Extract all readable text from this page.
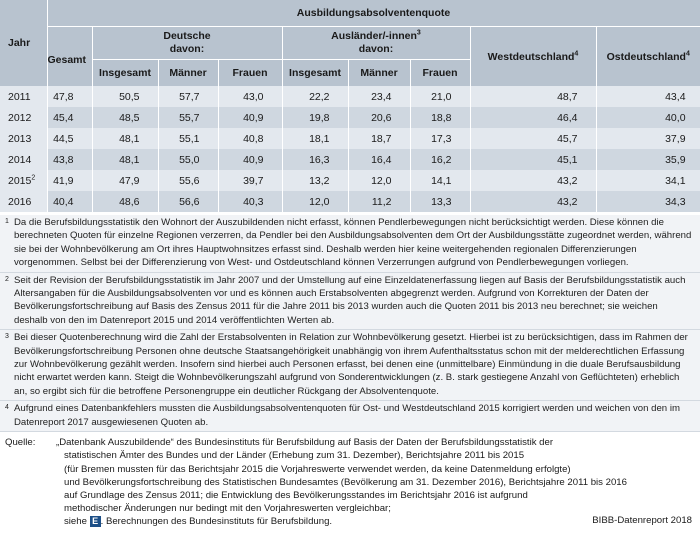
Jahr	Ausbildungsabsolventenquote								
	Gesamt	Deutsche
davon:			Ausländer/-innen$^3$
davon:			Westdeutschland$^4$	Ostdeutschland$^4$
		Insgesamt	Männer	Frauen	Insgesamt	Männer	Frauen		
2011	47,8	50,5	57,7	43,0	22,2	23,4	21,0	48,7	43,4
2012	45,4	48,5	55,7	40,9	19,8	20,6	18,8	46,4	40,0
2013	44,5	48,1	55,1	40,8	18,1	18,7	17,3	45,7	37,9
2014	43,8	48,1	55,0	40,9	16,3	16,4	16,2	45,1	35,9
2015$^2$	41,9	47,9	55,6	39,7	13,2	12,0	14,1	43,2	34,1
2016	40,4	48,6	56,6	40,3	12,0	11,2	13,3	43,2	34,3
1 Da die Berufsbildungsstatistik den Wohnort der Auszubildenden nicht erfasst, können Pendlerbewegungen nicht berücksichtigt werden. Diese können die berechneten Quoten für einzelne Regionen verzerren, da Pendler bei den Ausbildungsabsolventen dem Ort der Ausbildungsstätte zugeordnet werden, während sie bei der Wohnbevölkerung am Ort ihres Hauptwohnsitzes erfasst sind. Deshalb werden hier keine weitergehenden regionalen Differenzierungen vorgenommen. Selbst bei der Differenzierung von West- und Ostdeutschland können Verzerrungen aufgrund von Pendlerbewegungen vorliegen.
2 Seit der Revision der Berufsbildungsstatistik im Jahr 2007 und der Umstellung auf eine Einzeldatenerfassung liegen auf Basis der Berufsbildungsstatistik auch Altersangaben für die Ausbildungsabsolventen vor und es können auch Erstabsolventen abgegrenzt werden. Aufgrund von Korrekturen der Daten der Bevölkerungsfortschreibung auf Basis des Zensus 2011 für die Jahre 2011 bis 2013 wurden auch die Quoten 2011 bis 2013 neu berechnet; sie weichen deshalb von den im Datenreport 2015 und 2014 veröffentlichten Werten ab.
3 Bei dieser Quotenberechnung wird die Zahl der Erstabsolventen in Relation zur Wohnbevölkerung gesetzt. Hierbei ist zu berücksichtigen, dass im Rahmen der Bevölkerungsfortschreibung Personen ohne deutsche Staatsangehörigkeit unabhängig von ihrem Aufenthaltsstatus schon mit der melderechtlichen Erfassung zur Wohnbevölkerung gezählt werden. Insofern sind hierbei auch Personen erfasst, bei denen eine (unmittelbare) Einmündung in die duale Berufsausbildung nicht erwartet werden kann. Steigt die Wohnbevölkerungszahl aufgrund von Sonderentwicklungen (z. B. stark gestiegene Anzahl von Geflüchteten) erheblich an, so ergibt sich für die betroffene Personengruppe ein deutlicher Rückgang der Absolventenquote.
4 Aufgrund eines Datenbankfehlers mussten die Ausbildungsabsolventenquoten für Ost- und Westdeutschland 2015 korrigiert werden und weichen von den im Datenreport 2017 ausgewiesenen Quoten ab.
Quelle: „Datenbank Auszubildende“ des Bundesinstituts für Berufsbildung auf Basis der Daten der Berufsbildungsstatistik der
statistischen Ämter des Bundes und der Länder (Erhebung zum 31. Dezember), Berichtsjahre 2011 bis 2015
(für Bremen mussten für das Berichtsjahr 2015 die Vorjahreswerte verwendet werden, da keine Datenmeldung erfolgte)
und Bevölkerungsfortschreibung des Statistischen Bundesamtes (Bevölkerung am 31. Dezember 2016), Berichtsjahre 2011 bis 2016
auf Grundlage des Zensus 2011; die Entwicklung des Bevölkerungsstandes im Berichtsjahr 2016 ist aufgrund
methodischer Änderungen nur bedingt mit den Vorjahreswerten vergleichbar;
siehe E . Berechnungen des Bundesinstituts für Berufsbildung.	BIBB-Datenreport 2018
